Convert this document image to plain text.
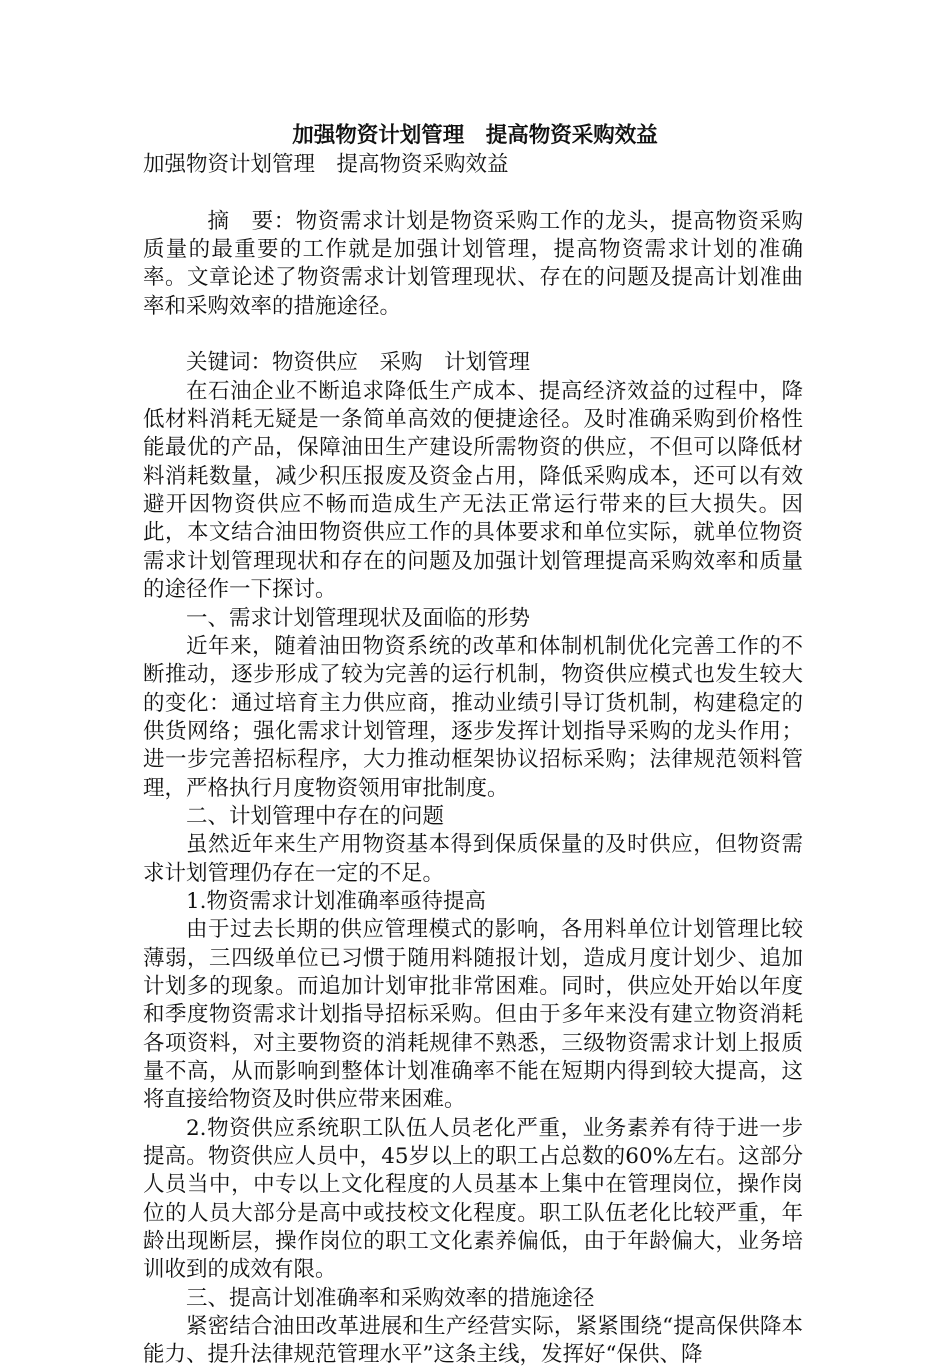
加强物资计划管理　提高物资采购效益

加强物资计划管理　提高物资采购效益

摘　要：物资需求计划是物资采购工作的龙头，提高物资采购质量的最重要的工作就是加强计划管理，提高物资需求计划的准确率。文章论述了物资需求计划管理现状、存在的问题及提高计划准曲率和采购效率的措施途径。

关键词：物资供应　采购　计划管理

在石油企业不断追求降低生产成本、提高经济效益的过程中，降低材料消耗无疑是一条简单高效的便捷途径。及时准确采购到价格性能最优的产品，保障油田生产建设所需物资的供应，不但可以降低材料消耗数量，减少积压报废及资金占用，降低采购成本，还可以有效避开因物资供应不畅而造成生产无法正常运行带来的巨大损失。因此，本文结合油田物资供应工作的具体要求和单位实际，就单位物资需求计划管理现状和存在的问题及加强计划管理提高采购效率和质量的途径作一下探讨。

一、需求计划管理现状及面临的形势

近年来，随着油田物资系统的改革和体制机制优化完善工作的不断推动，逐步形成了较为完善的运行机制，物资供应模式也发生较大的变化：通过培育主力供应商，推动业绩引导订货机制，构建稳定的供货网络；强化需求计划管理，逐步发挥计划指导采购的龙头作用；进一步完善招标程序，大力推动框架协议招标采购；法律规范领料管理，严格执行月度物资领用审批制度。

二、计划管理中存在的问题

虽然近年来生产用物资基本得到保质保量的及时供应，但物资需求计划管理仍存在一定的不足。

1.物资需求计划准确率亟待提高

由于过去长期的供应管理模式的影响，各用料单位计划管理比较薄弱，三四级单位已习惯于随用料随报计划，造成月度计划少、追加计划多的现象。而追加计划审批非常困难。同时，供应处开始以年度和季度物资需求计划指导招标采购。但由于多年来没有建立物资消耗各项资料，对主要物资的消耗规律不熟悉，三级物资需求计划上报质量不高，从而影响到整体计划准确率不能在短期内得到较大提高，这将直接给物资及时供应带来困难。

2.物资供应系统职工队伍人员老化严重，业务素养有待于进一步提高。物资供应人员中，45岁以上的职工占总数的60%左右。这部分人员当中，中专以上文化程度的人员基本上集中在管理岗位，操作岗位的人员大部分是高中或技校文化程度。职工队伍老化比较严重，年龄出现断层，操作岗位的职工文化素养偏低，由于年龄偏大，业务培训收到的成效有限。

三、提高计划准确率和采购效率的措施途径

紧密结合油田改革进展和生产经营实际，紧紧围绕“提高保供降本能力、提升法律规范管理水平”这条主线，发挥好“保供、降
